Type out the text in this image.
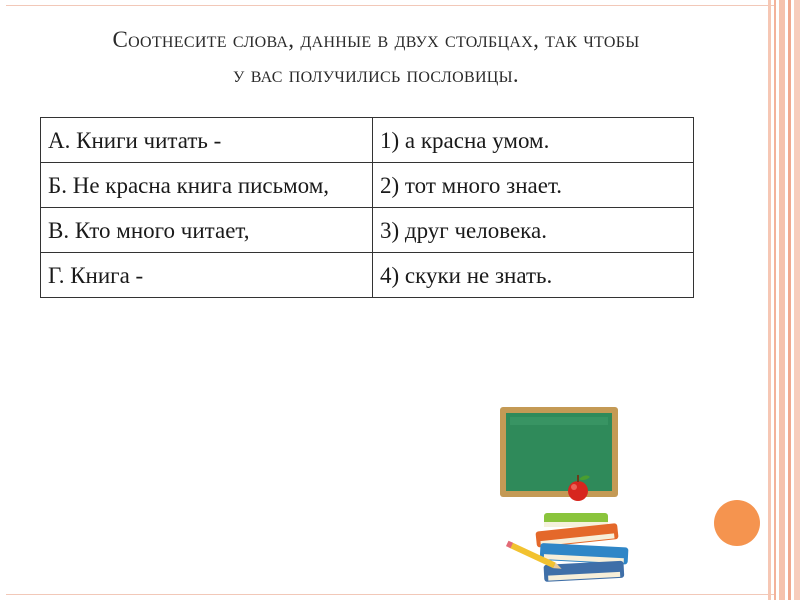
Соотнесите слова, данные в двух столбцах, так чтобы
у вас получились пословицы.
А. Книги читать -	1) а красна умом.
Б. Не красна книга письмом,	2) тот много знает.
В. Кто много читает,	3) друг человека.
Г. Книга -	4) скуки не знать.
